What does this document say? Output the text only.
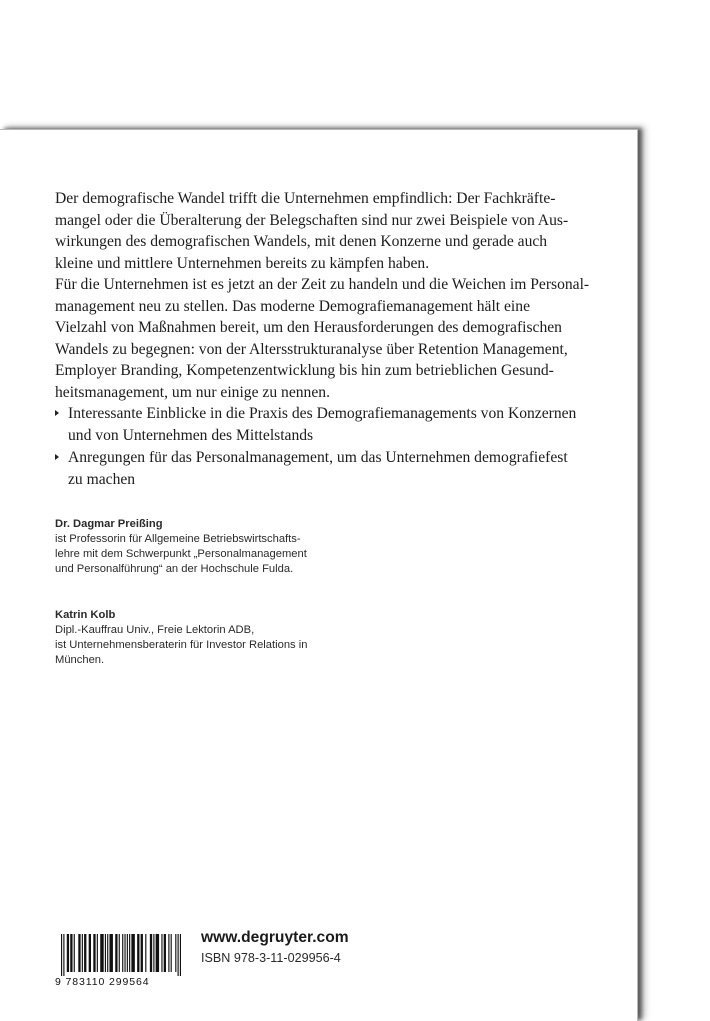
Der demografische Wandel trifft die Unternehmen empfindlich: Der Fachkräfte-
mangel oder die Überalterung der Belegschaften sind nur zwei Beispiele von Aus-
wirkungen des demografischen Wandels, mit denen Konzerne und gerade auch
kleine und mittlere Unternehmen bereits zu kämpfen haben.
Für die Unternehmen ist es jetzt an der Zeit zu handeln und die Weichen im Personal-
management neu zu stellen. Das moderne Demografiemanagement hält eine
Vielzahl von Maßnahmen bereit, um den Herausforderungen des demografischen
Wandels zu begegnen: von der Altersstrukturanalyse über Retention Management,
Employer Branding, Kompetenzentwicklung bis hin zum betrieblichen Gesund-
heitsmanagement, um nur einige zu nennen.
Interessante Einblicke in die Praxis des Demografiemanagements von Konzernen
und von Unternehmen des Mittelstands
Anregungen für das Personalmanagement, um das Unternehmen demografiefest
zu machen
Dr. Dagmar Preißing
ist Professorin für Allgemeine Betriebswirtschafts-
lehre mit dem Schwerpunkt „Personalmanagement
und Personalführung“ an der Hochschule Fulda.
Katrin Kolb
Dipl.-Kauffrau Univ., Freie Lektorin ADB,
ist Unternehmensberaterin für Investor Relations in
München.
9 783110 299564
www.degruyter.com
ISBN 978-3-11-029956-4
